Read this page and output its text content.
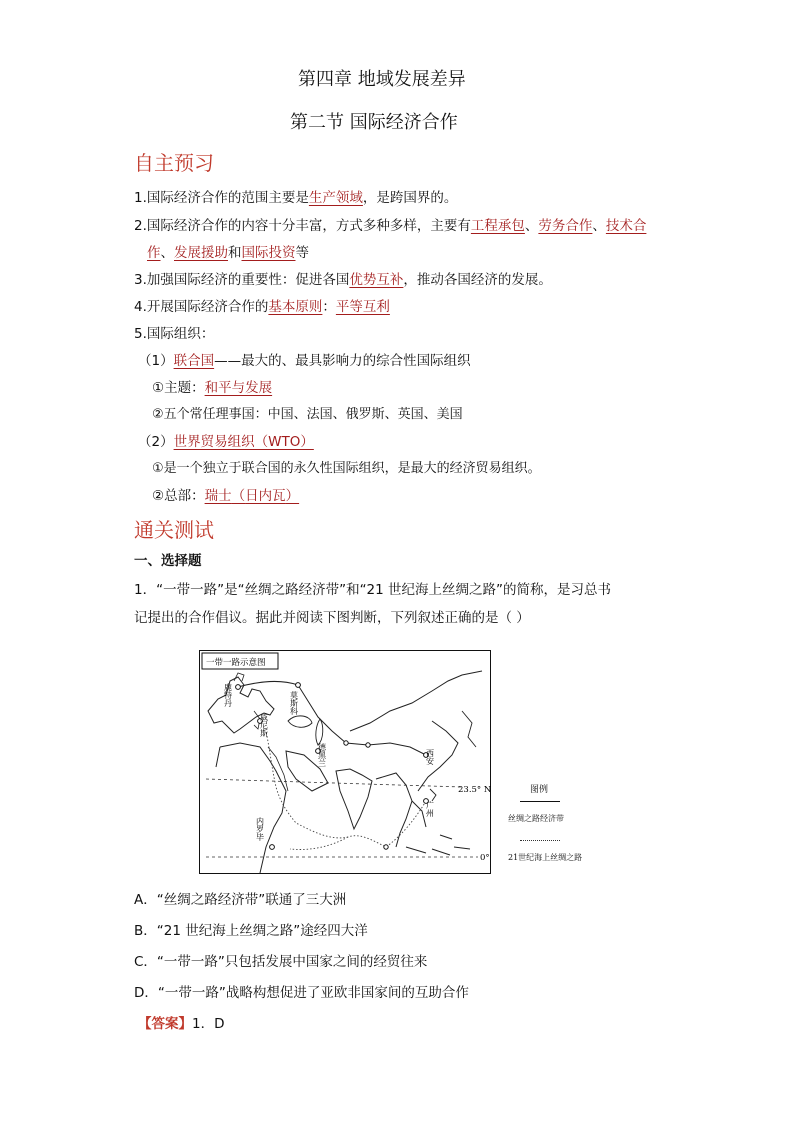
第四章 地域发展差异
第二节 国际经济合作
自主预习
1.国际经济合作的范围主要是生产领域，是跨国界的。
2.国际经济合作的内容十分丰富，方式多种多样，主要有工程承包、劳务合作、技术合
作、发展援助和国际投资等
3.加强国际经济的重要性：促进各国优势互补，推动各国经济的发展。
4.开展国际经济合作的基本原则：平等互利
5.国际组织：
（1）联合国——最大的、最具影响力的综合性国际组织
①主题：和平与发展
②五个常任理事国：中国、法国、俄罗斯、英国、美国
（2）世界贸易组织（WTO）
①是一个独立于联合国的永久性国际组织，是最大的经济贸易组织。
②总部：瑞士（日内瓦）
通关测试
一、选择题
1．“一带一路”是“丝绸之路经济带”和“21 世纪海上丝绸之路”的简称，是习总书
记提出的合作倡议。据此并阅读下图判断，下列叙述正确的是（ ）
一带一路示意图
莫斯科
鹿特丹
威尼斯
德黑兰	西安
广州
内罗毕
23.5° N
0°
图例
丝绸之路经济带
21世纪海上丝绸之路
A．“丝绸之路经济带”联通了三大洲
B．“21 世纪海上丝绸之路”途经四大洋
C．“一带一路”只包括发展中国家之间的经贸往来
D．“一带一路”战略构想促进了亚欧非国家间的互助合作
【答案】1．D
